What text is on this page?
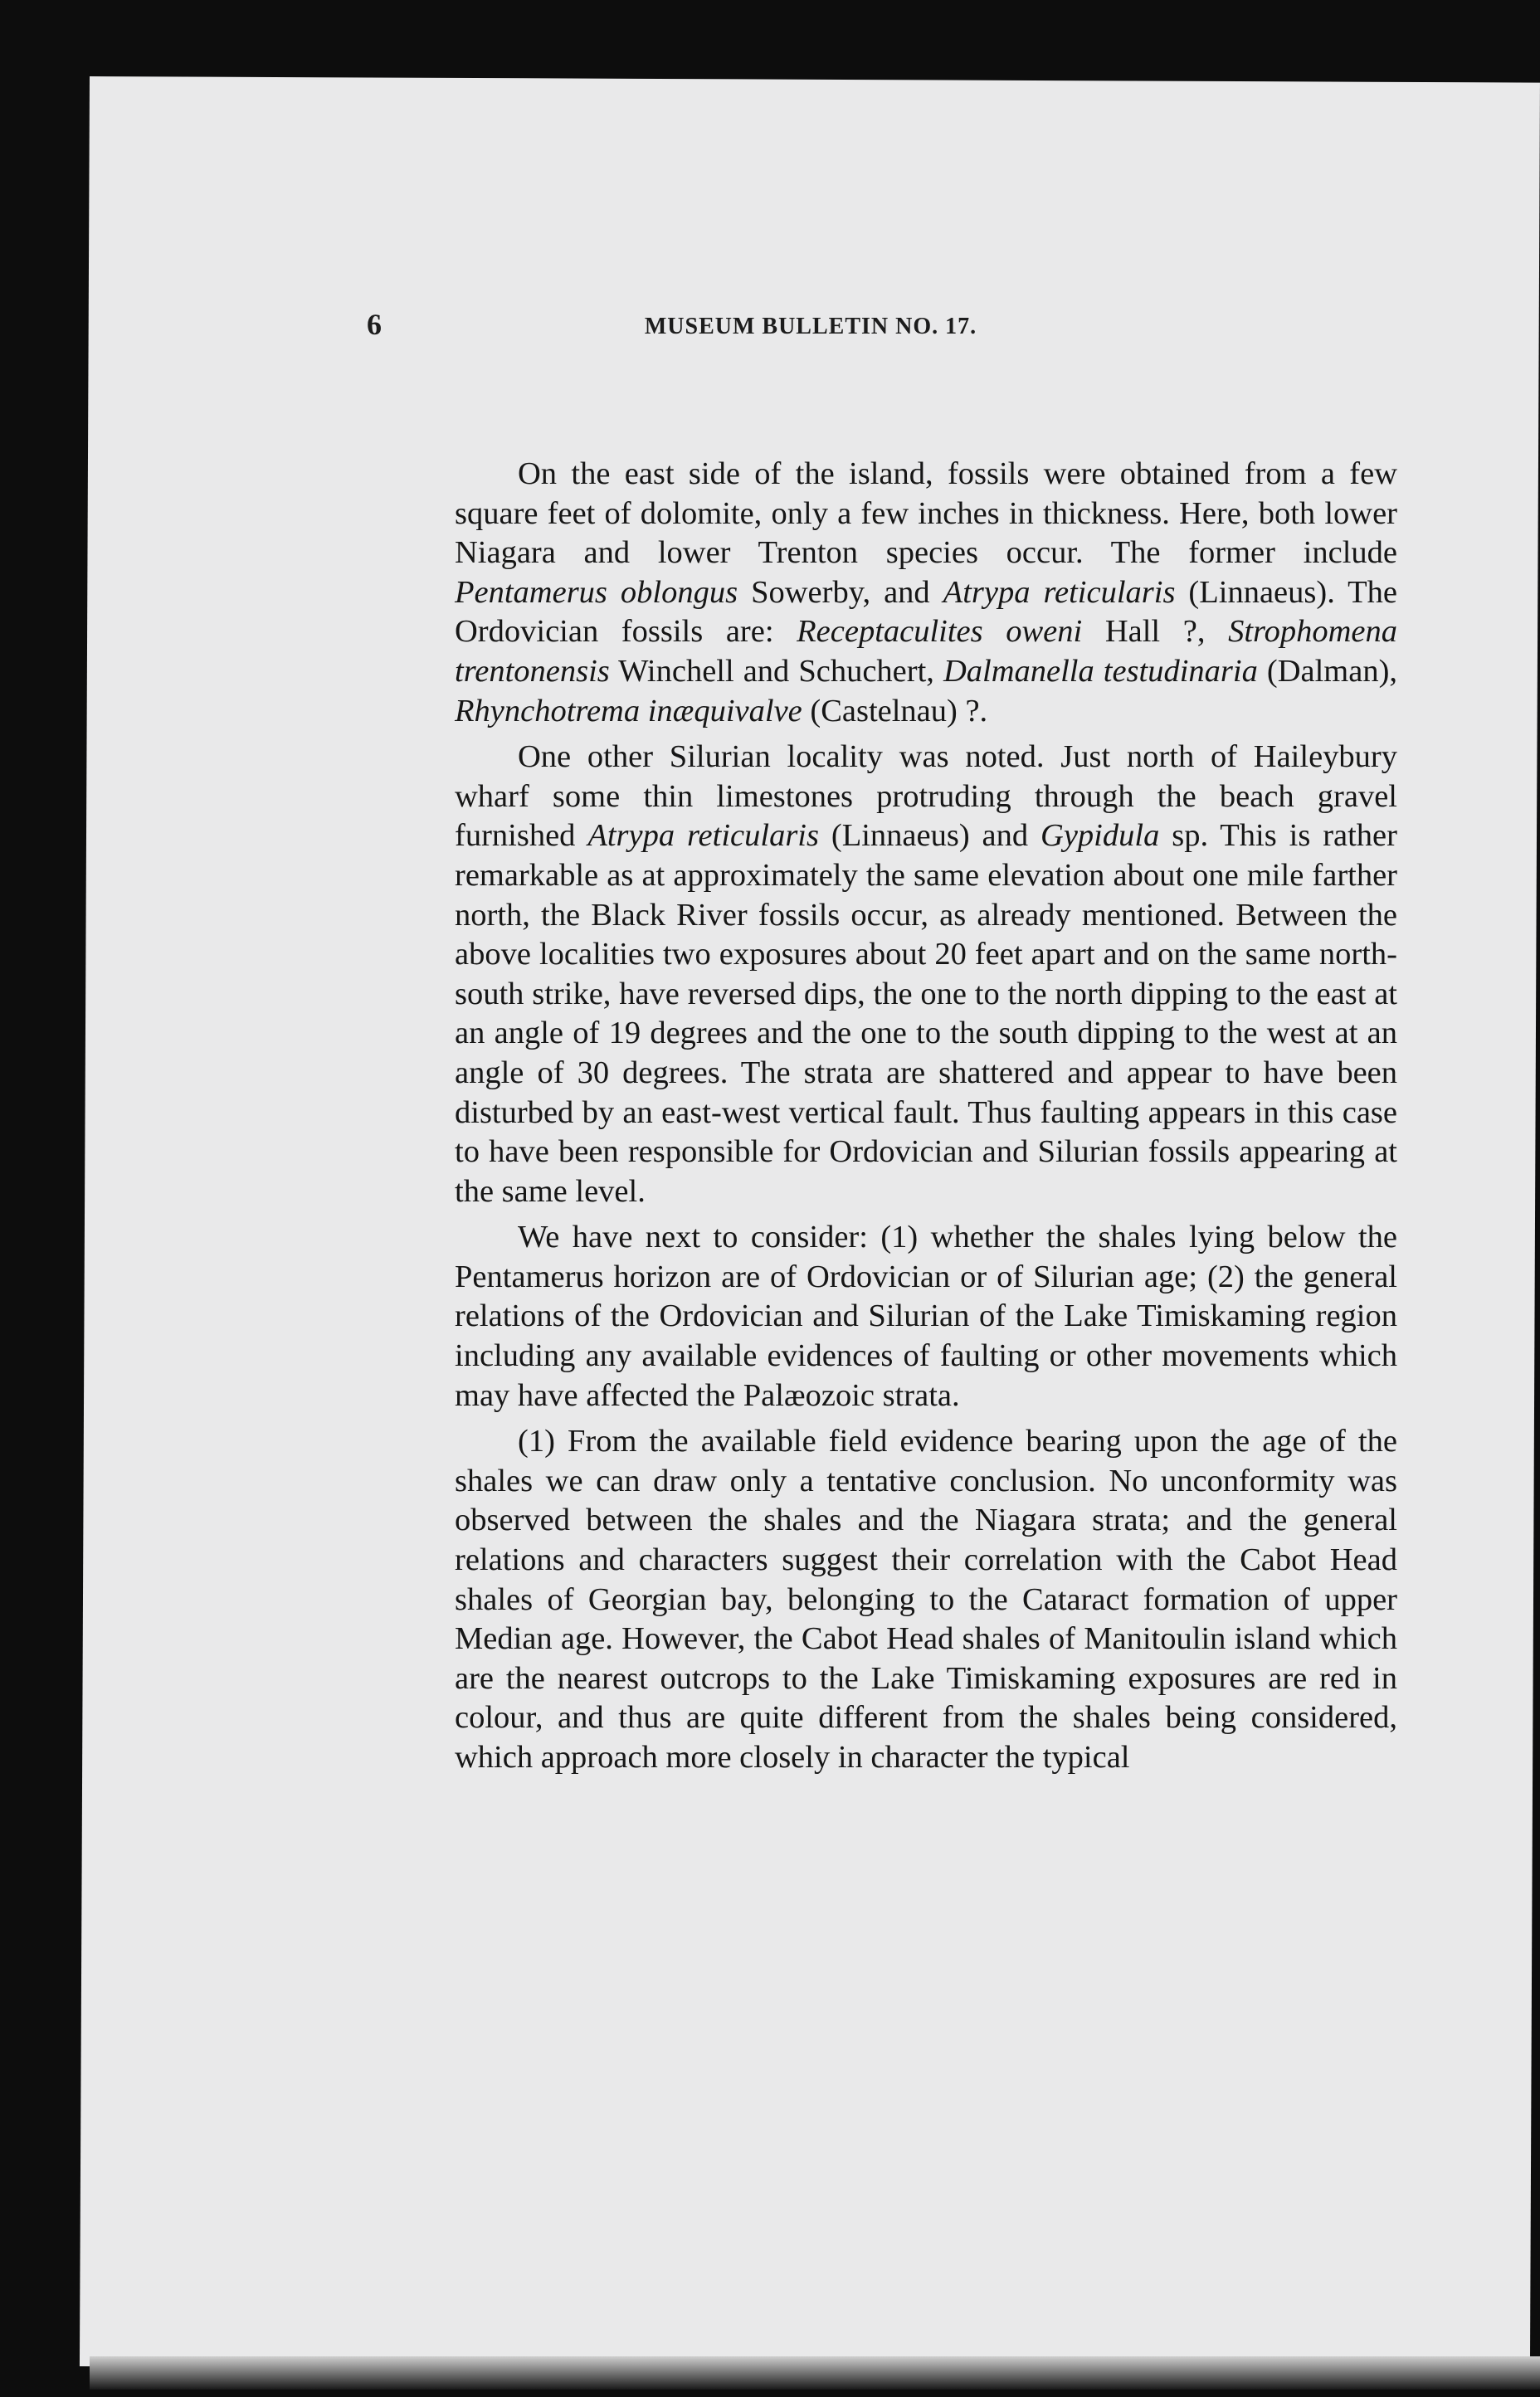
6	MUSEUM BULLETIN NO. 17.

On the east side of the island, fossils were obtained from a few square feet of dolomite, only a few inches in thickness. Here, both lower Niagara and lower Trenton species occur. The former include Pentamerus oblongus Sowerby, and Atrypa reticularis (Linnaeus). The Ordovician fossils are: Receptaculites oweni Hall ?, Strophomena trentonensis Winchell and Schuchert, Dalmanella testudinaria (Dalman), Rhynchotrema inæquivalve (Castelnau) ?.

One other Silurian locality was noted. Just north of Haileybury wharf some thin limestones protruding through the beach gravel furnished Atrypa reticularis (Linnaeus) and Gypidula sp. This is rather remarkable as at approximately the same elevation about one mile farther north, the Black River fossils occur, as already mentioned. Between the above localities two exposures about 20 feet apart and on the same north-south strike, have reversed dips, the one to the north dipping to the east at an angle of 19 degrees and the one to the south dipping to the west at an angle of 30 degrees. The strata are shattered and appear to have been disturbed by an east-west vertical fault. Thus faulting appears in this case to have been responsible for Ordovician and Silurian fossils appearing at the same level.

We have next to consider: (1) whether the shales lying below the Pentamerus horizon are of Ordovician or of Silurian age; (2) the general relations of the Ordovician and Silurian of the Lake Timiskaming region including any available evidences of faulting or other movements which may have affected the Palæozoic strata.

(1) From the available field evidence bearing upon the age of the shales we can draw only a tentative conclusion. No unconformity was observed between the shales and the Niagara strata; and the general relations and characters suggest their correlation with the Cabot Head shales of Georgian bay, belonging to the Cataract formation of upper Median age. However, the Cabot Head shales of Manitoulin island which are the nearest outcrops to the Lake Timiskaming exposures are red in colour, and thus are quite different from the shales being considered, which approach more closely in character the typical
